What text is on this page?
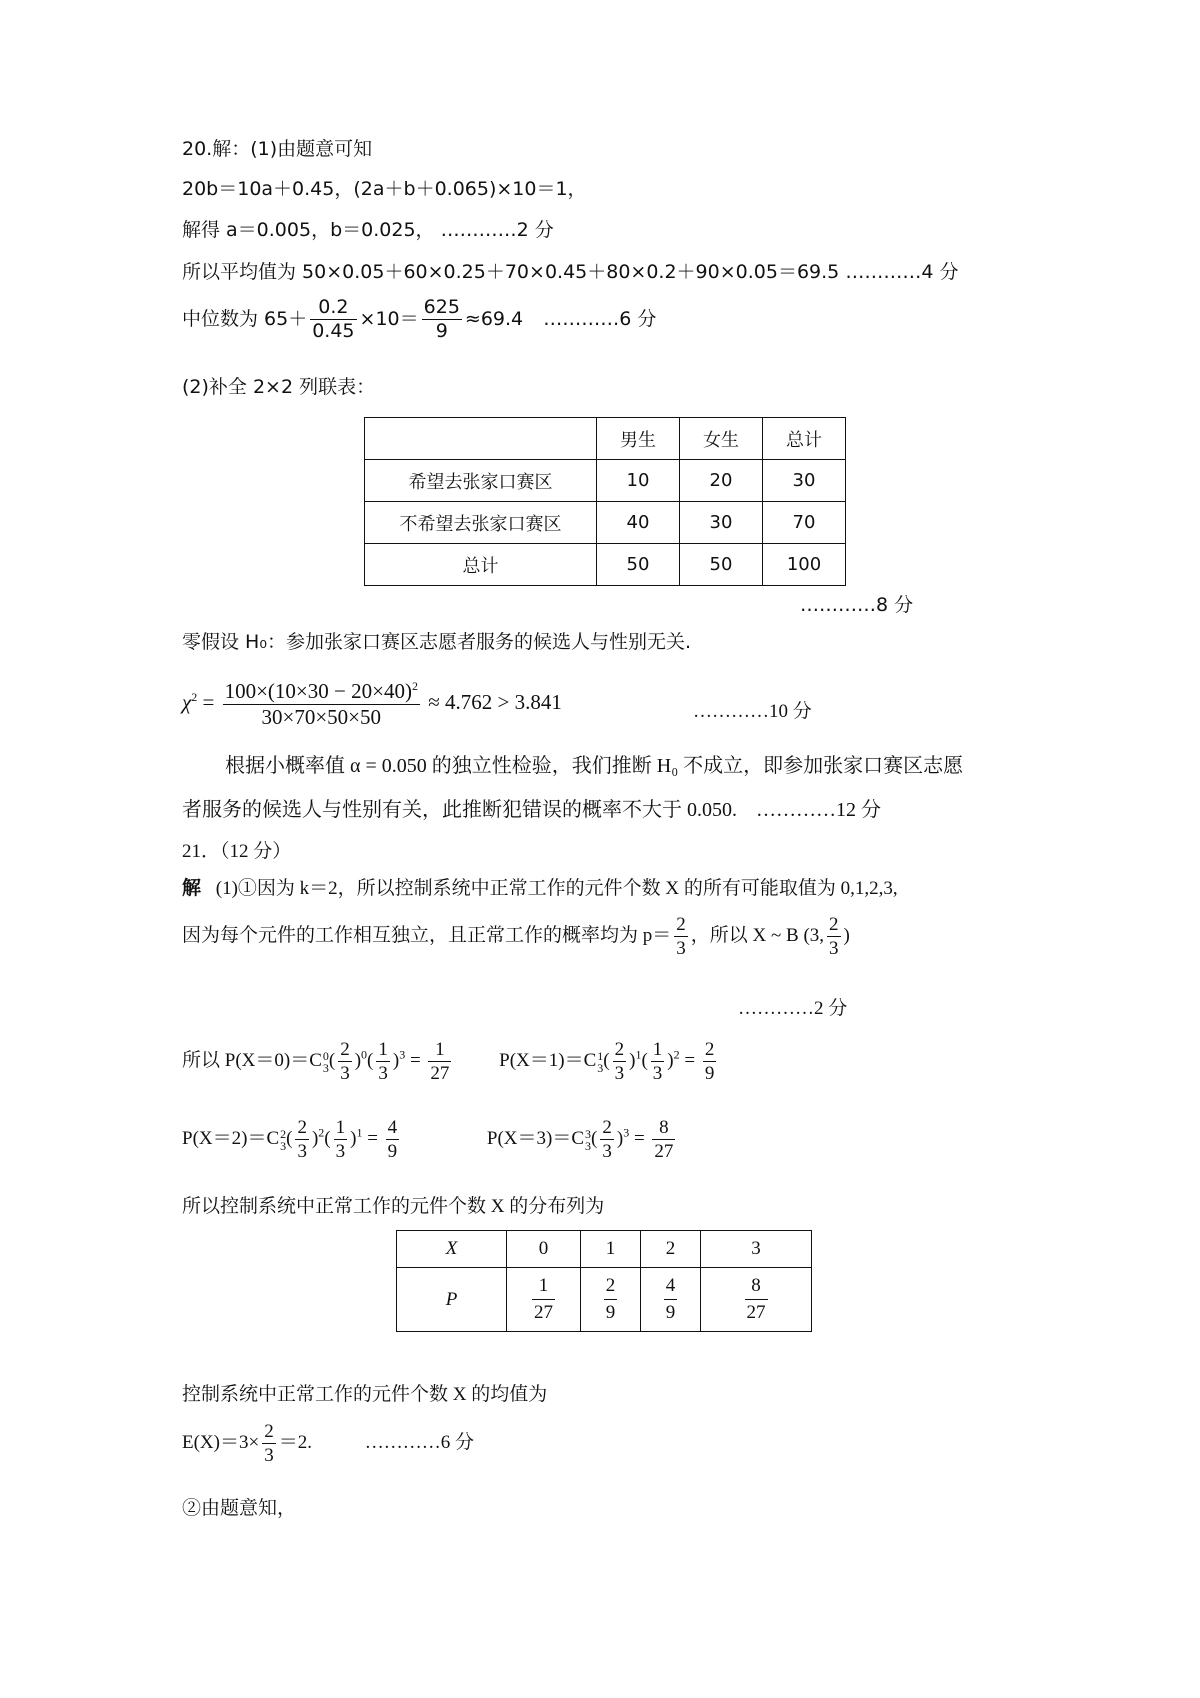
20.解：(1)由题意可知
20b＝10a＋0.45，(2a＋b＋0.065)×10＝1，
解得 a＝0.005，b＝0.025， …………2 分
所以平均值为 50×0.05＋60×0.25＋70×0.45＋80×0.2＋90×0.05＝69.5 …………4 分
中位数为 $65+ \frac{0.2}{0.45} \times 10= \frac{625}{9} \approx 69.4$ …………6 分
(2)补全 2×2 列联表：
	男生	女生	总计
希望去张家口赛区	10	20	30
不希望去张家口赛区	40	30	70
总计	50	50	100
…………8 分
零假设 H₀：参加张家口赛区志愿者服务的候选人与性别无关.
$\chi^2 = \frac{100\times(10\times 30 - 20\times 40)^2}{30\times 70\times 50\times 50} \approx 4.762 > 3.841$	…………10 分
根据小概率值 α = 0.050 的独立性检验，我们推断 H₀ 不成立，即参加张家口赛区志愿
者服务的候选人与性别有关，此推断犯错误的概率不大于 0.050. …………12 分
21．（12 分）
解 (1)①因为 k＝2，所以控制系统中正常工作的元件个数 X 的所有可能取值为 0,1,2,3,
因为每个元件的工作相互独立，且正常工作的概率均为 $p= \frac{2}{3}$ ，所以 X ~ B (3, $\frac{2}{3}$ )
…………2 分
所以 P(X＝0)＝C 0
3 ( $\frac{2}{3} )^0( \frac{1}{3} )^3 = \frac{1}{27}$	P(X＝1)＝C 1
3 ( $\frac{2}{3} )^1( \frac{1}{3} )^2 = \frac{2}{9}$
P(X＝2)＝C 2
3 ( $\frac{2}{3} )^2( \frac{1}{3} )^1 = \frac{4}{9}$	P(X＝3)＝C 3
3 ( $\frac{2}{3} )^3 = \frac{8}{27}$
所以控制系统中正常工作的元件个数 X 的分布列为
X	0	1	2	3
P	$\frac{1}{27}$	$\frac{2}{9}$	$\frac{4}{9}$	$\frac{8}{27}$
控制系统中正常工作的元件个数 X 的均值为
$E(X)=3\times \frac{2}{3} =2$.	…………6 分
②由题意知，
